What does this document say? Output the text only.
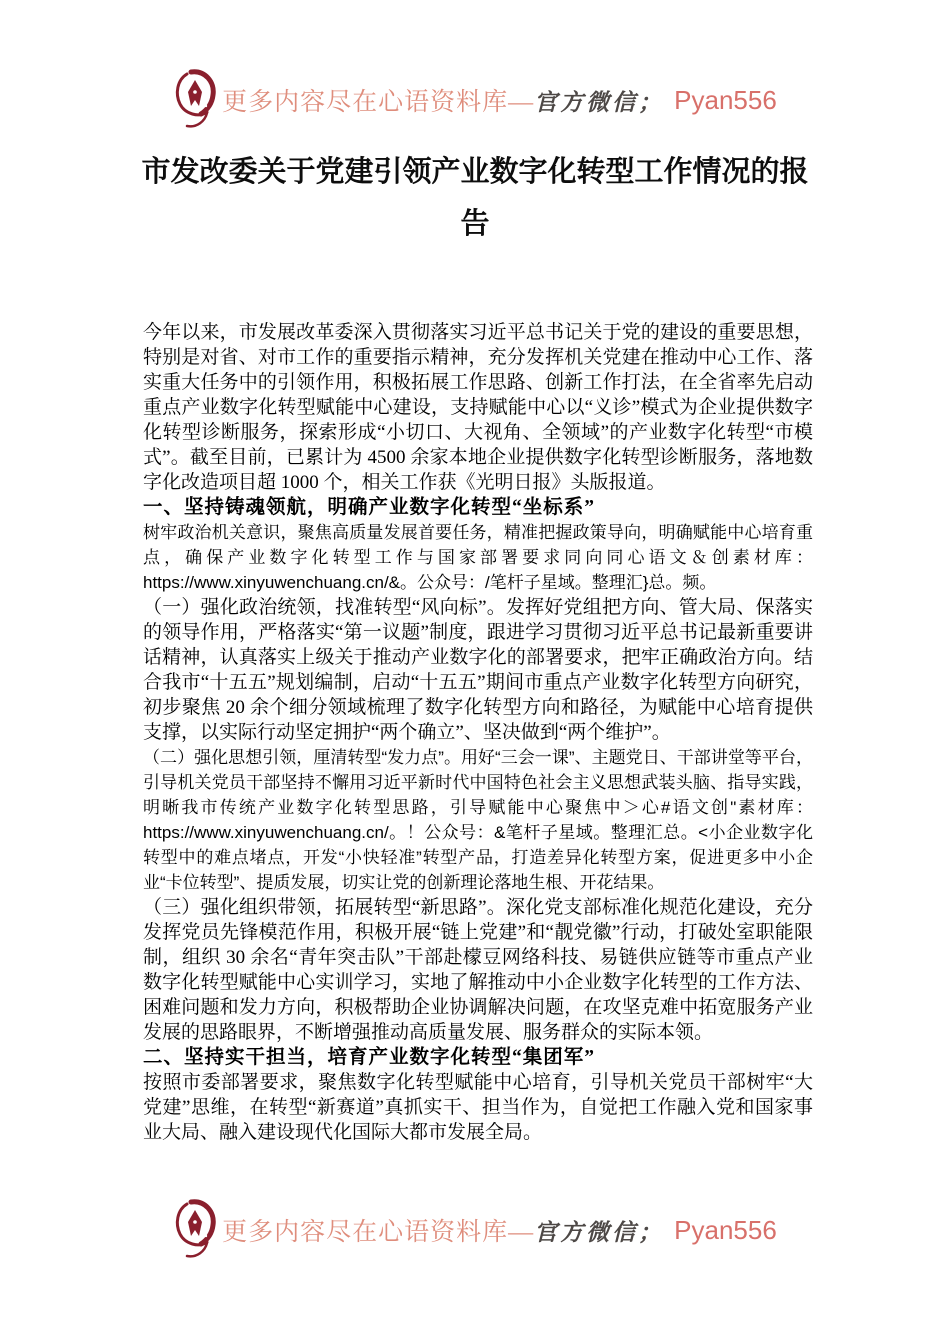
更多内容尽在心语资料库— 官方微信； Pyan556
市发改委关于党建引领产业数字化转型工作情况的报告

今年以来，市发展改革委深入贯彻落实习近平总书记关于党的建设的重要思想，特别是对省、对市工作的重要指示精神，充分发挥机关党建在推动中心工作、落实重大任务中的引领作用，积极拓展工作思路、创新工作打法，在全省率先启动重点产业数字化转型赋能中心建设，支持赋能中心以“义诊”模式为企业提供数字化转型诊断服务，探索形成“小切口、大视角、全领域”的产业数字化转型“市模式”。截至目前，已累计为 4500 余家本地企业提供数字化转型诊断服务，落地数字化改造项目超 1000 个，相关工作获《光明日报》头版报道。

一、坚持铸魂领航，明确产业数字化转型“坐标系”

树牢政治机关意识，聚焦高质量发展首要任务，精准把握政策导向，明确赋能中心培育重点，确保产业数字化转型工作与国家部署要求同向同心语文＆创素材库：https://www.xinyuwenchuang.cn/&。公众号：/笔杆子星域。整理汇}总。频。

（一）强化政治统领，找准转型“风向标”。发挥好党组把方向、管大局、保落实的领导作用，严格落实“第一议题”制度，跟进学习贯彻习近平总书记最新重要讲话精神，认真落实上级关于推动产业数字化的部署要求，把牢正确政治方向。结合我市“十五五”规划编制，启动“十五五”期间市重点产业数字化转型方向研究，初步聚焦 20 余个细分领域梳理了数字化转型方向和路径，为赋能中心培育提供支撑，以实际行动坚定拥护“两个确立”、坚决做到“两个维护”。

（二）强化思想引领，厘清转型“发力点”。用好“三会一课”、主题党日、干部讲堂等平台，引导机关党员干部坚持不懈用习近平新时代中国特色社会主义思想武装头脑、指导实践，明晰我市传统产业数字化转型思路，引导赋能中心聚焦中＞心#语文创"素材库：https://www.xinyuwenchuang.cn/。！公众号：&笔杆子星域。整理汇总。<小企业数字化转型中的难点堵点，开发“小快轻准”转型产品，打造差异化转型方案，促进更多中小企业“卡位转型”、提质发展，切实让党的创新理论落地生根、开花结果。

（三）强化组织带领，拓展转型“新思路”。深化党支部标准化规范化建设，充分发挥党员先锋模范作用，积极开展“链上党建”和“靓党徽”行动，打破处室职能限制，组织 30 余名“青年突击队”干部赴檬豆网络科技、易链供应链等市重点产业数字化转型赋能中心实训学习，实地了解推动中小企业数字化转型的工作方法、困难问题和发力方向，积极帮助企业协调解决问题，在攻坚克难中拓宽服务产业发展的思路眼界，不断增强推动高质量发展、服务群众的实际本领。

二、坚持实干担当，培育产业数字化转型“集团军”

按照市委部署要求，聚焦数字化转型赋能中心培育，引导机关党员干部树牢“大党建”思维，在转型“新赛道”真抓实干、担当作为，自觉把工作融入党和国家事业大局、融入建设现代化国际大都市发展全局。

更多内容尽在心语资料库— 官方微信； Pyan556
